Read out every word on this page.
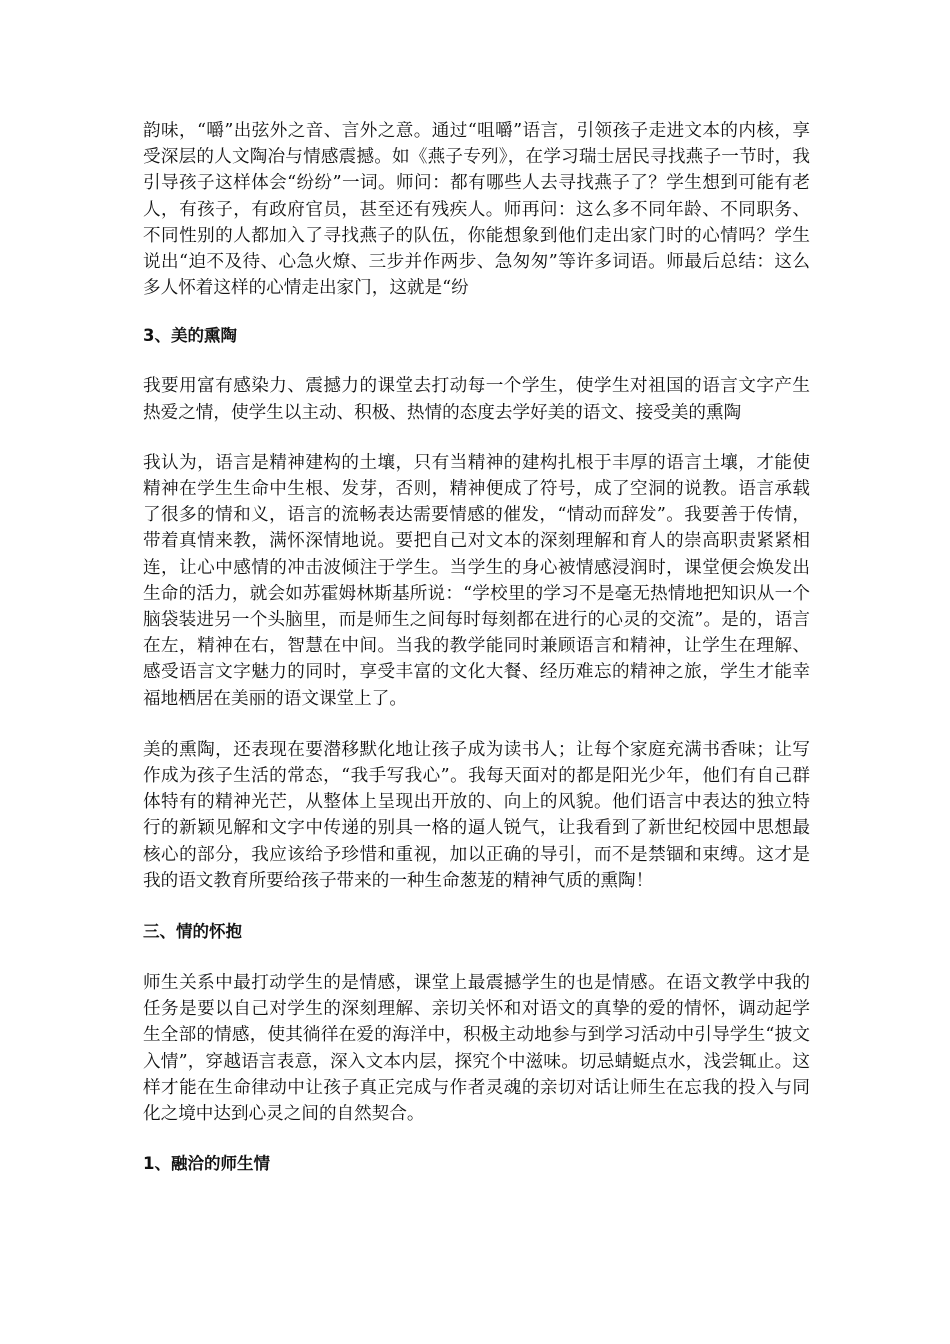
韵味，“嚼”出弦外之音、言外之意。通过“咀嚼”语言，引领孩子走进文本的内核，享受深层的人文陶冶与情感震撼。如《燕子专列》，在学习瑞士居民寻找燕子一节时，我引导孩子这样体会“纷纷”一词。师问：都有哪些人去寻找燕子了？学生想到可能有老人，有孩子，有政府官员，甚至还有残疾人。师再问：这么多不同年龄、不同职务、不同性别的人都加入了寻找燕子的队伍，你能想象到他们走出家门时的心情吗？学生说出“迫不及待、心急火燎、三步并作两步、急匆匆”等许多词语。师最后总结：这么多人怀着这样的心情走出家门，这就是“纷

3、美的熏陶

我要用富有感染力、震撼力的课堂去打动每一个学生，使学生对祖国的语言文字产生热爱之情，使学生以主动、积极、热情的态度去学好美的语文、接受美的熏陶

我认为，语言是精神建构的土壤，只有当精神的建构扎根于丰厚的语言土壤，才能使精神在学生生命中生根、发芽，否则，精神便成了符号，成了空洞的说教。语言承载了很多的情和义，语言的流畅表达需要情感的催发，“情动而辞发”。我要善于传情，带着真情来教，满怀深情地说。要把自己对文本的深刻理解和育人的崇高职责紧紧相连，让心中感情的冲击波倾注于学生。当学生的身心被情感浸润时，课堂便会焕发出生命的活力，就会如苏霍姆林斯基所说：“学校里的学习不是毫无热情地把知识从一个脑袋装进另一个头脑里，而是师生之间每时每刻都在进行的心灵的交流”。是的，语言在左，精神在右，智慧在中间。当我的教学能同时兼顾语言和精神，让学生在理解、感受语言文字魅力的同时，享受丰富的文化大餐、经历难忘的精神之旅，学生才能幸福地栖居在美丽的语文课堂上了。

美的熏陶，还表现在要潜移默化地让孩子成为读书人；让每个家庭充满书香味；让写作成为孩子生活的常态，“我手写我心”。我每天面对的都是阳光少年，他们有自己群体特有的精神光芒，从整体上呈现出开放的、向上的风貌。他们语言中表达的独立特行的新颖见解和文字中传递的别具一格的逼人锐气，让我看到了新世纪校园中思想最核心的部分，我应该给予珍惜和重视，加以正确的导引，而不是禁锢和束缚。这才是我的语文教育所要给孩子带来的一种生命葱茏的精神气质的熏陶！

三、情的怀抱

师生关系中最打动学生的是情感，课堂上最震撼学生的也是情感。在语文教学中我的任务是要以自己对学生的深刻理解、亲切关怀和对语文的真挚的爱的情怀，调动起学生全部的情感，使其徜徉在爱的海洋中，积极主动地参与到学习活动中引导学生“披文入情”，穿越语言表意，深入文本内层，探究个中滋味。切忌蜻蜓点水，浅尝辄止。这样才能在生命律动中让孩子真正完成与作者灵魂的亲切对话让师生在忘我的投入与同化之境中达到心灵之间的自然契合。

1、融洽的师生情
